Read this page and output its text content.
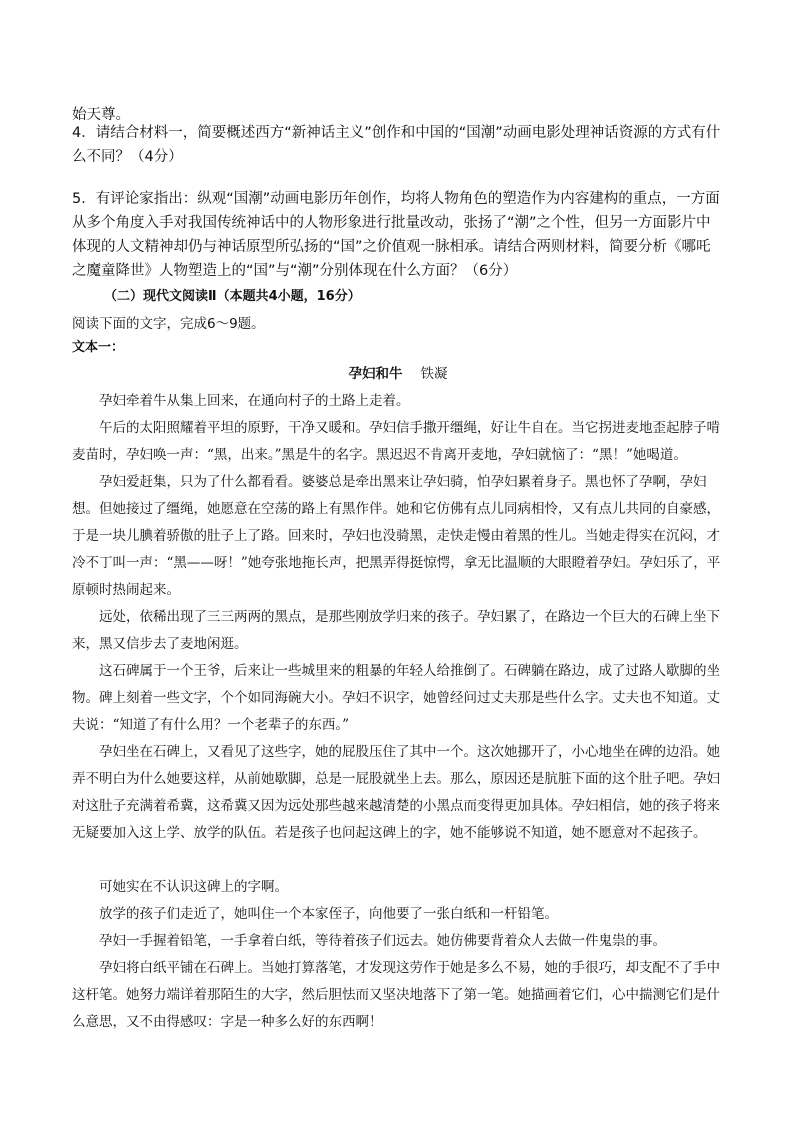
始天尊。

4．请结合材料一，简要概述西方“新神话主义”创作和中国的“国潮”动画电影处理神话资源的方式有什么不同？（4分）

5．有评论家指出：纵观“国潮”动画电影历年创作，均将人物角色的塑造作为内容建构的重点，一方面从多个角度入手对我国传统神话中的人物形象进行批量改动，张扬了“潮”之个性，但另一方面影片中体现的人文精神却仍与神话原型所弘扬的“国”之价值观一脉相承。请结合两则材料，简要分析《哪吒之魔童降世》人物塑造上的“国”与“潮”分别体现在什么方面？（6分）

（二）现代文阅读Ⅱ（本题共4小题，16分）

阅读下面的文字，完成6～9题。

文本一：

孕妇和牛 铁凝

孕妇牵着牛从集上回来，在通向村子的土路上走着。

午后的太阳照耀着平坦的原野，干净又暖和。孕妇信手撒开缰绳，好让牛自在。当它拐进麦地歪起脖子啃麦苗时，孕妇唤一声：“黑，出来。”黑是牛的名字。黑迟迟不肯离开麦地，孕妇就恼了：“黑！”她喝道。

孕妇爱赶集，只为了什么都看看。婆婆总是牵出黑来让孕妇骑，怕孕妇累着身子。黑也怀了孕啊，孕妇想。但她接过了缰绳，她愿意在空荡的路上有黑作伴。她和它仿佛有点儿同病相怜，又有点儿共同的自豪感，于是一块儿腆着骄傲的肚子上了路。回来时，孕妇也没骑黑，走快走慢由着黑的性儿。当她走得实在沉闷，才冷不丁叫一声：“黑——呀！”她夸张地拖长声，把黑弄得挺惊愕，拿无比温顺的大眼瞪着孕妇。孕妇乐了，平原顿时热闹起来。

远处，依稀出现了三三两两的黑点，是那些刚放学归来的孩子。孕妇累了，在路边一个巨大的石碑上坐下来，黑又信步去了麦地闲逛。

这石碑属于一个王爷，后来让一些城里来的粗暴的年轻人给推倒了。石碑躺在路边，成了过路人歇脚的坐物。碑上刻着一些文字，个个如同海碗大小。孕妇不识字，她曾经问过丈夫那是些什么字。丈夫也不知道。丈夫说：“知道了有什么用？一个老辈子的东西。”

孕妇坐在石碑上，又看见了这些字，她的屁股压住了其中一个。这次她挪开了，小心地坐在碑的边沿。她弄不明白为什么她要这样，从前她歇脚，总是一屁股就坐上去。那么，原因还是肮脏下面的这个肚子吧。孕妇对这肚子充满着希冀，这希冀又因为远处那些越来越清楚的小黑点而变得更加具体。孕妇相信，她的孩子将来无疑要加入这上学、放学的队伍。若是孩子也问起这碑上的字，她不能够说不知道，她不愿意对不起孩子。

可她实在不认识这碑上的字啊。

放学的孩子们走近了，她叫住一个本家侄子，向他要了一张白纸和一杆铅笔。

孕妇一手握着铅笔，一手拿着白纸，等待着孩子们远去。她仿佛要背着众人去做一件鬼祟的事。

孕妇将白纸平铺在石碑上。当她打算落笔，才发现这劳作于她是多么不易，她的手很巧，却支配不了手中这杆笔。她努力端详着那陌生的大字，然后胆怯而又坚决地落下了第一笔。她描画着它们，心中揣测它们是什么意思，又不由得感叹：字是一种多么好的东西啊！
